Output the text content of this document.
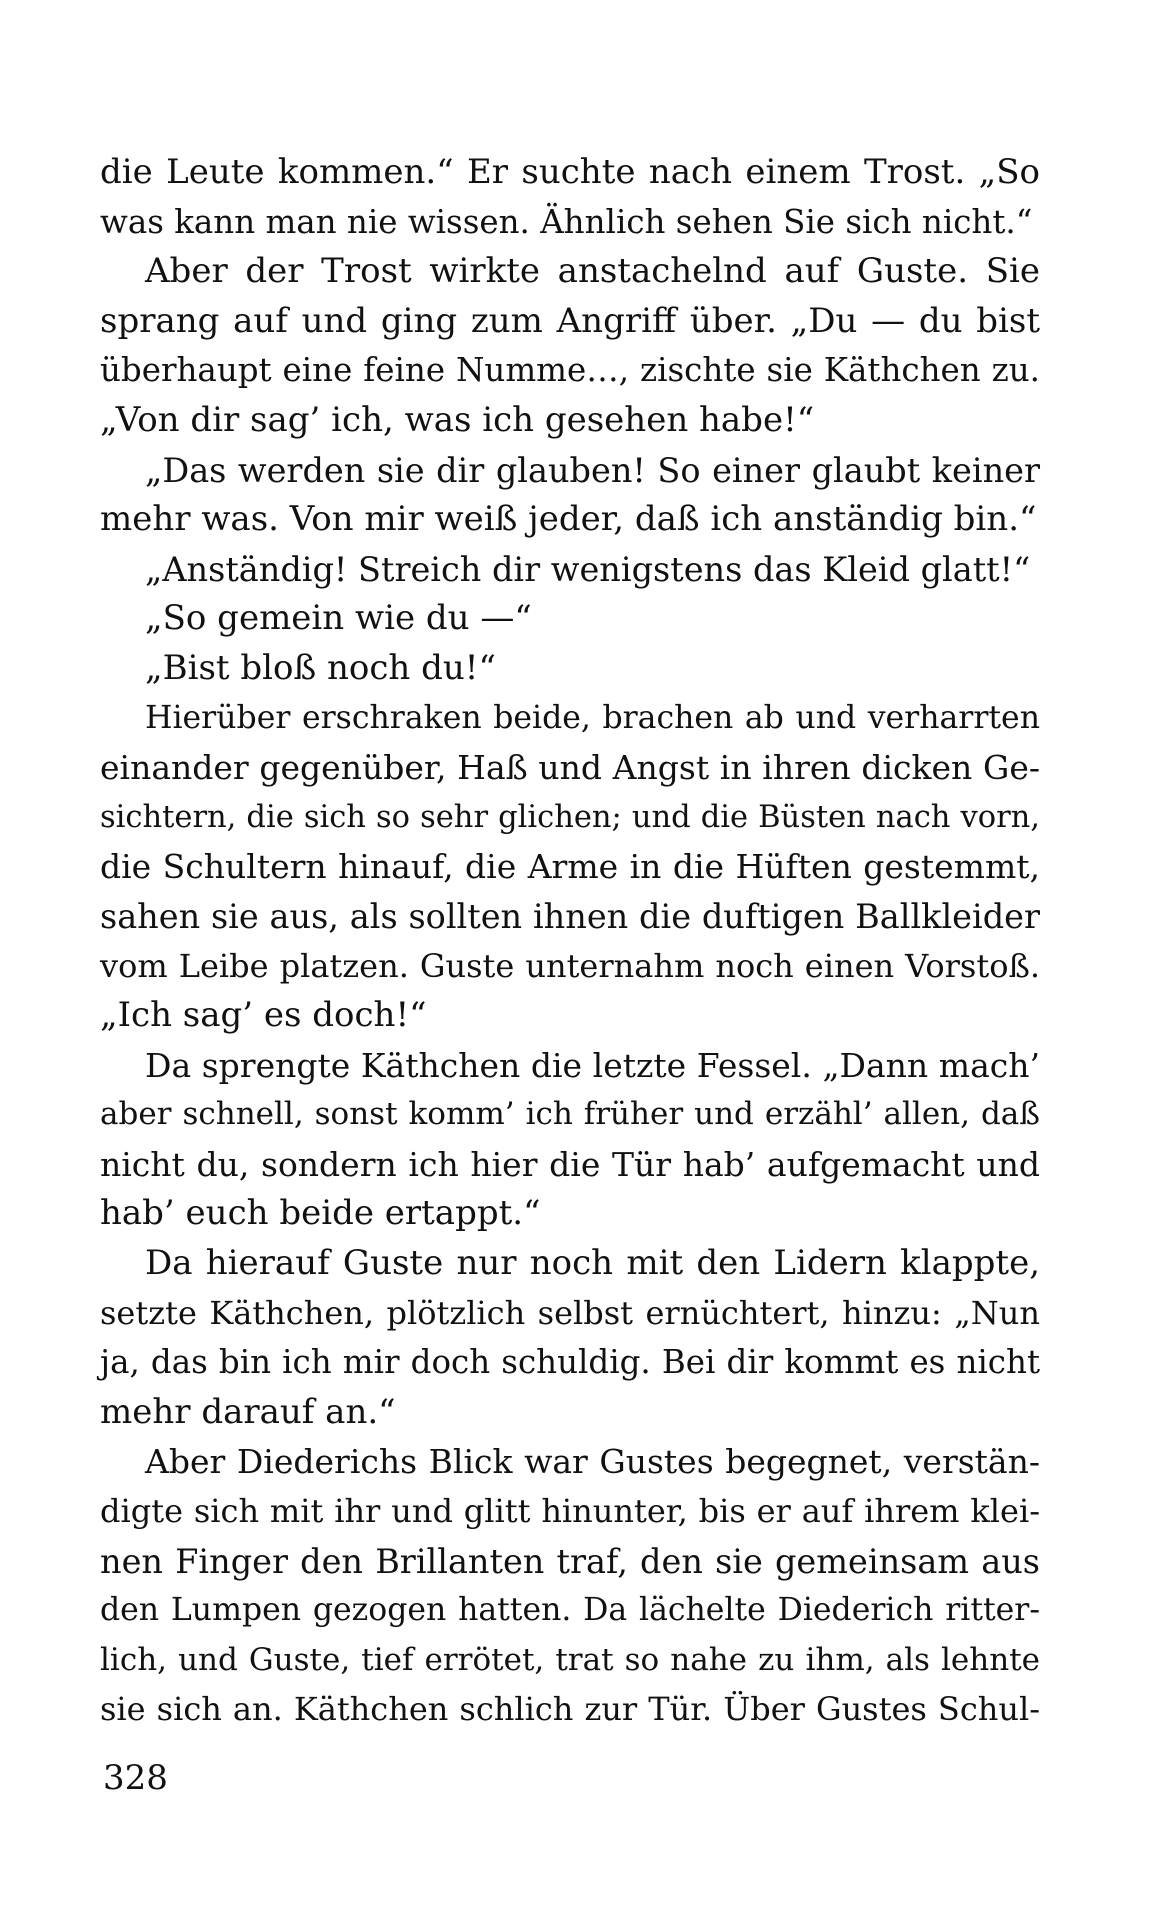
die Leute kommen.“ Er suchte nach einem Trost. „So
was kann man nie wissen. Ähnlich sehen Sie sich nicht.“
Aber der Trost wirkte anstachelnd auf Guste. Sie
sprang auf und ging zum Angriff über. „Du — du bist
überhaupt eine feine Numme…, zischte sie Käthchen zu.
„Von dir sag’ ich, was ich gesehen habe!“
„Das werden sie dir glauben! So einer glaubt keiner
mehr was. Von mir weiß jeder, daß ich anständig bin.“
„Anständig! Streich dir wenigstens das Kleid glatt!“
„So gemein wie du —“
„Bist bloß noch du!“
Hierüber erschraken beide, brachen ab und verharrten
einander gegenüber, Haß und Angst in ihren dicken Ge-
sichtern, die sich so sehr glichen; und die Büsten nach vorn,
die Schultern hinauf, die Arme in die Hüften gestemmt,
sahen sie aus, als sollten ihnen die duftigen Ballkleider
vom Leibe platzen. Guste unternahm noch einen Vorstoß.
„Ich sag’ es doch!“
Da sprengte Käthchen die letzte Fessel. „Dann mach’
aber schnell, sonst komm’ ich früher und erzähl’ allen, daß
nicht du, sondern ich hier die Tür hab’ aufgemacht und
hab’ euch beide ertappt.“
Da hierauf Guste nur noch mit den Lidern klappte,
setzte Käthchen, plötzlich selbst ernüchtert, hinzu: „Nun
ja, das bin ich mir doch schuldig. Bei dir kommt es nicht
mehr darauf an.“
Aber Diederichs Blick war Gustes begegnet, verstän-
digte sich mit ihr und glitt hinunter, bis er auf ihrem klei-
nen Finger den Brillanten traf, den sie gemeinsam aus
den Lumpen gezogen hatten. Da lächelte Diederich ritter-
lich, und Guste, tief errötet, trat so nahe zu ihm, als lehnte
sie sich an. Käthchen schlich zur Tür. Über Gustes Schul-
328
